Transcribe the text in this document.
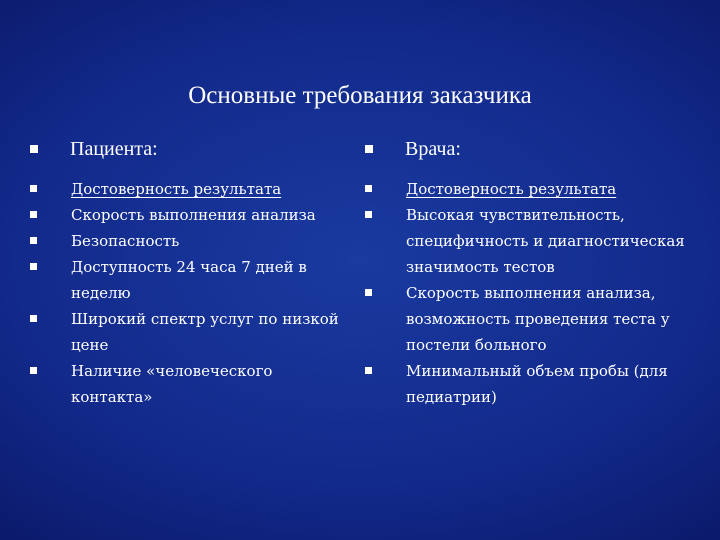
Основные требования заказчика
Пациента:
Достоверность результата
Скорость выполнения анализа
Безопасность
Доступность 24 часа 7 дней в неделю
Широкий спектр услуг по низкой цене
Наличие «человеческого контакта»
Врача:
Достоверность результата
Высокая чувствительность, специфичность и диагностическая значимость тестов
Скорость выполнения анализа, возможность проведения теста у постели больного
Минимальный объем пробы (для педиатрии)
